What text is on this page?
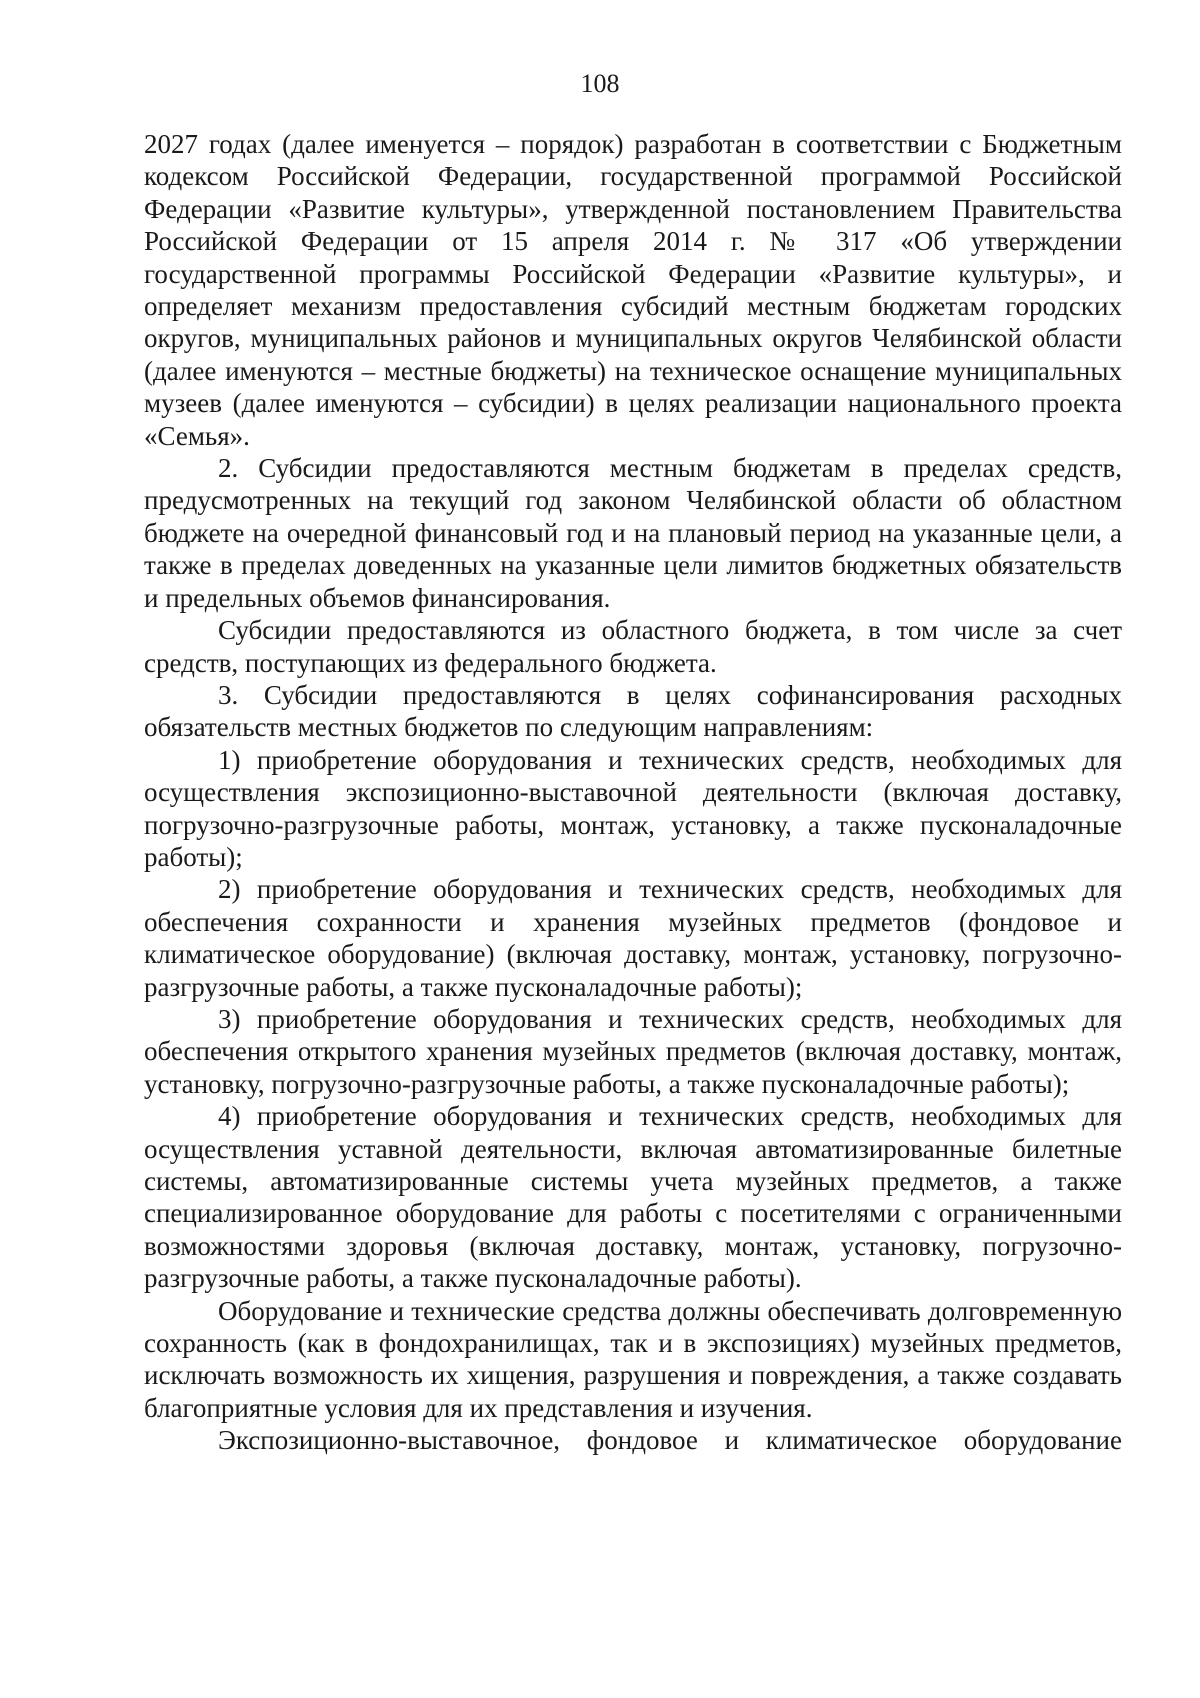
108

2027 годах (далее именуется – порядок) разработан в соответствии с Бюджетным кодексом Российской Федерации, государственной программой Российской Федерации «Развитие культуры», утвержденной постановлением Правительства Российской Федерации от 15 апреля 2014 г. № 317 «Об утверждении государственной программы Российской Федерации «Развитие культуры», и определяет механизм предоставления субсидий местным бюджетам городских округов, муниципальных районов и муниципальных округов Челябинской области (далее именуются – местные бюджеты) на техническое оснащение муниципальных музеев (далее именуются – субсидии) в целях реализации национального проекта «Семья».

2. Субсидии предоставляются местным бюджетам в пределах средств, предусмотренных на текущий год законом Челябинской области об областном бюджете на очередной финансовый год и на плановый период на указанные цели, а также в пределах доведенных на указанные цели лимитов бюджетных обязательств и предельных объемов финансирования.

Субсидии предоставляются из областного бюджета, в том числе за счет средств, поступающих из федерального бюджета.

3. Субсидии предоставляются в целях софинансирования расходных обязательств местных бюджетов по следующим направлениям:

1) приобретение оборудования и технических средств, необходимых для осуществления экспозиционно-выставочной деятельности (включая доставку, погрузочно-разгрузочные работы, монтаж, установку, а также пусконаладочные работы);

2) приобретение оборудования и технических средств, необходимых для обеспечения сохранности и хранения музейных предметов (фондовое и климатическое оборудование) (включая доставку, монтаж, установку, погрузочно-разгрузочные работы, а также пусконаладочные работы);

3) приобретение оборудования и технических средств, необходимых для обеспечения открытого хранения музейных предметов (включая доставку, монтаж, установку, погрузочно-разгрузочные работы, а также пусконаладочные работы);

4) приобретение оборудования и технических средств, необходимых для осуществления уставной деятельности, включая автоматизированные билетные системы, автоматизированные системы учета музейных предметов, а также специализированное оборудование для работы с посетителями с ограниченными возможностями здоровья (включая доставку, монтаж, установку, погрузочно-разгрузочные работы, а также пусконаладочные работы).

Оборудование и технические средства должны обеспечивать долговременную сохранность (как в фондохранилищах, так и в экспозициях) музейных предметов, исключать возможность их хищения, разрушения и повреждения, а также создавать благоприятные условия для их представления и изучения.

Экспозиционно-выставочное, фондовое и климатическое оборудование
